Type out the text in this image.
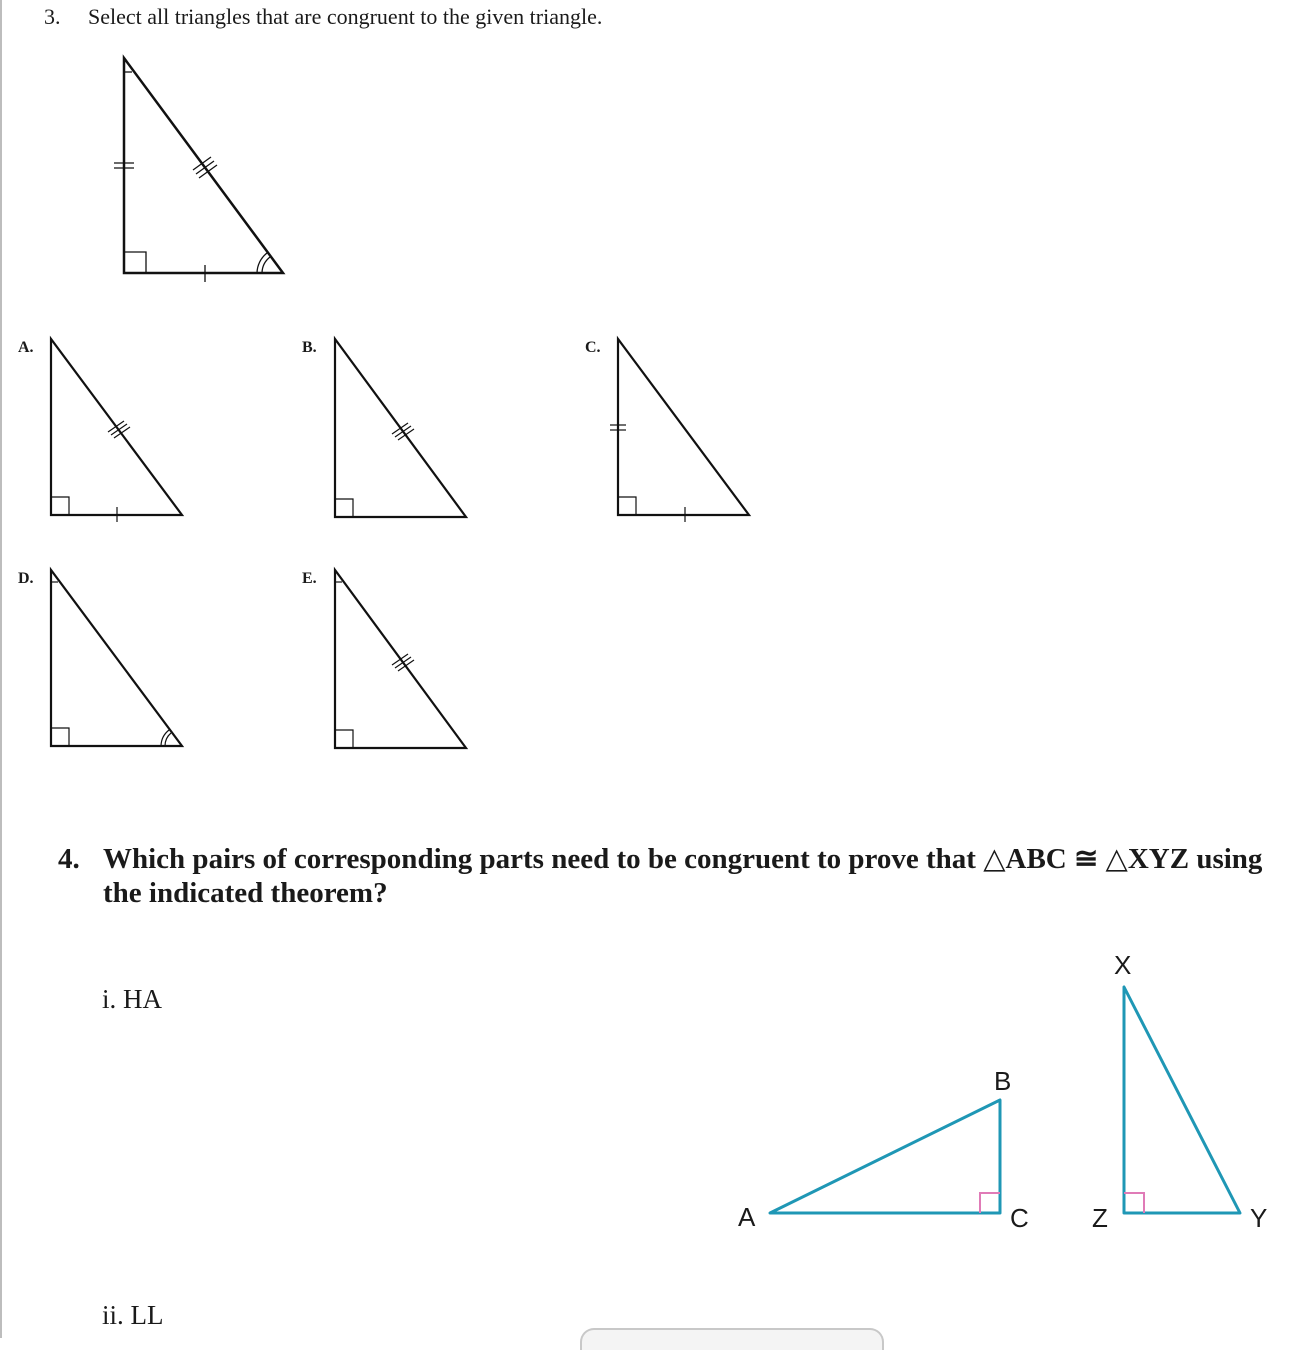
3. Select all triangles that are congruent to the given triangle.
A.	B.	C.
D.	E.
4. Which pairs of corresponding parts need to be congruent to prove that △ABC ≅ △XYZ using
the indicated theorem?
i. HA
ii. LL
A
B
C
X
Y
Z
